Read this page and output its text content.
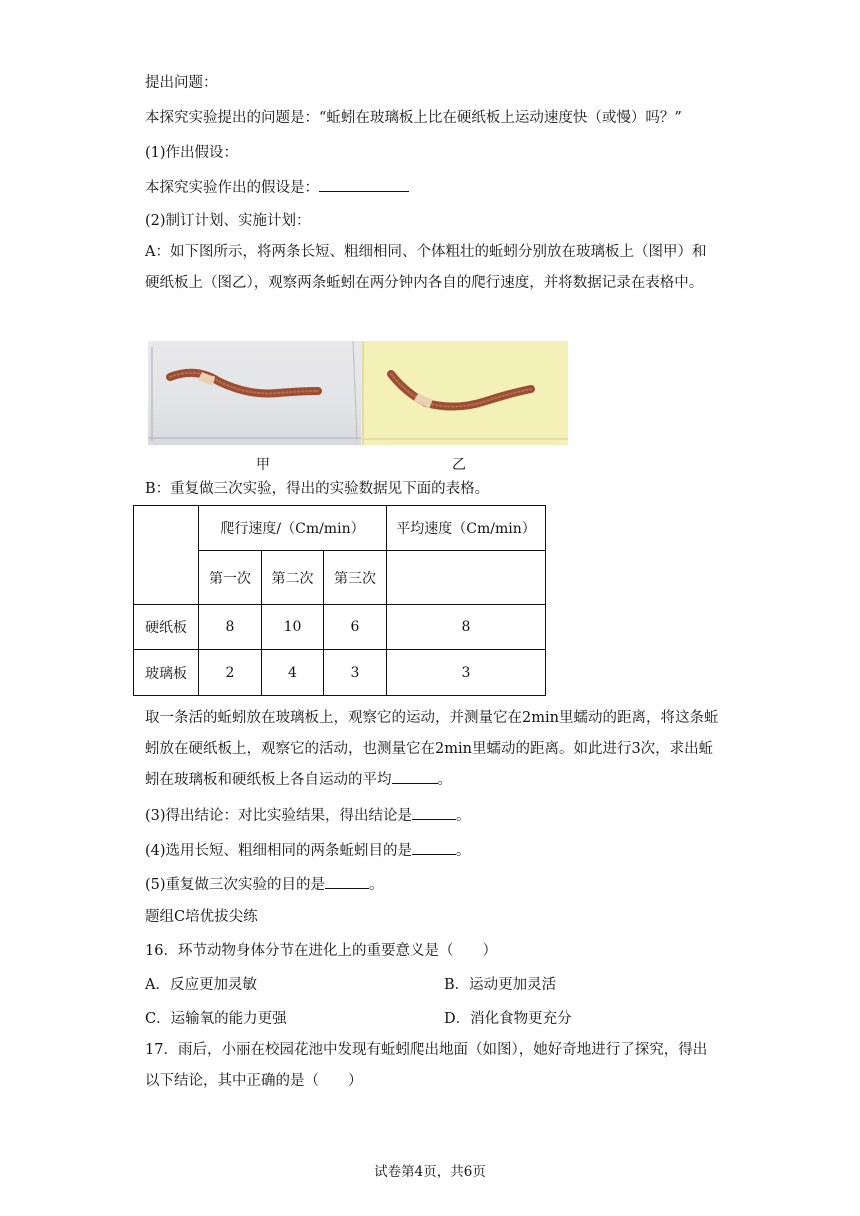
提出问题：
本探究实验提出的问题是：“蚯蚓在玻璃板上比在硬纸板上运动速度快（或慢）吗？”
(1)作出假设：
本探究实验作出的假设是：
(2)制订计划、实施计划：
A：如下图所示，将两条长短、粗细相同、个体粗壮的蚯蚓分别放在玻璃板上（图甲）和硬纸板上（图乙），观察两条蚯蚓在两分钟内各自的爬行速度，并将数据记录在表格中。
甲	乙
B：重复做三次实验，得出的实验数据见下面的表格。
	爬行速度/（Cm/min）			平均速度（Cm/min）
	第一次	第二次	第三次	
硬纸板	8	10	6	8
玻璃板	2	4	3	3
取一条活的蚯蚓放在玻璃板上，观察它的运动，并测量它在2min里蠕动的距离，将这条蚯蚓放在硬纸板上，观察它的活动，也测量它在2min里蠕动的距离。如此进行3次，求出蚯蚓在玻璃板和硬纸板上各自运动的平均	。
(3)得出结论：对比实验结果，得出结论是	。
(4)选用长短、粗细相同的两条蚯蚓目的是	。
(5)重复做三次实验的目的是	。
题组C培优拔尖练
16．环节动物身体分节在进化上的重要意义是（　　）
A．反应更加灵敏	B．运动更加灵活
C．运输氧的能力更强	D．消化食物更充分
17．雨后，小丽在校园花池中发现有蚯蚓爬出地面（如图），她好奇地进行了探究，得出以下结论，其中正确的是（　　）
试卷第4页，共6页
